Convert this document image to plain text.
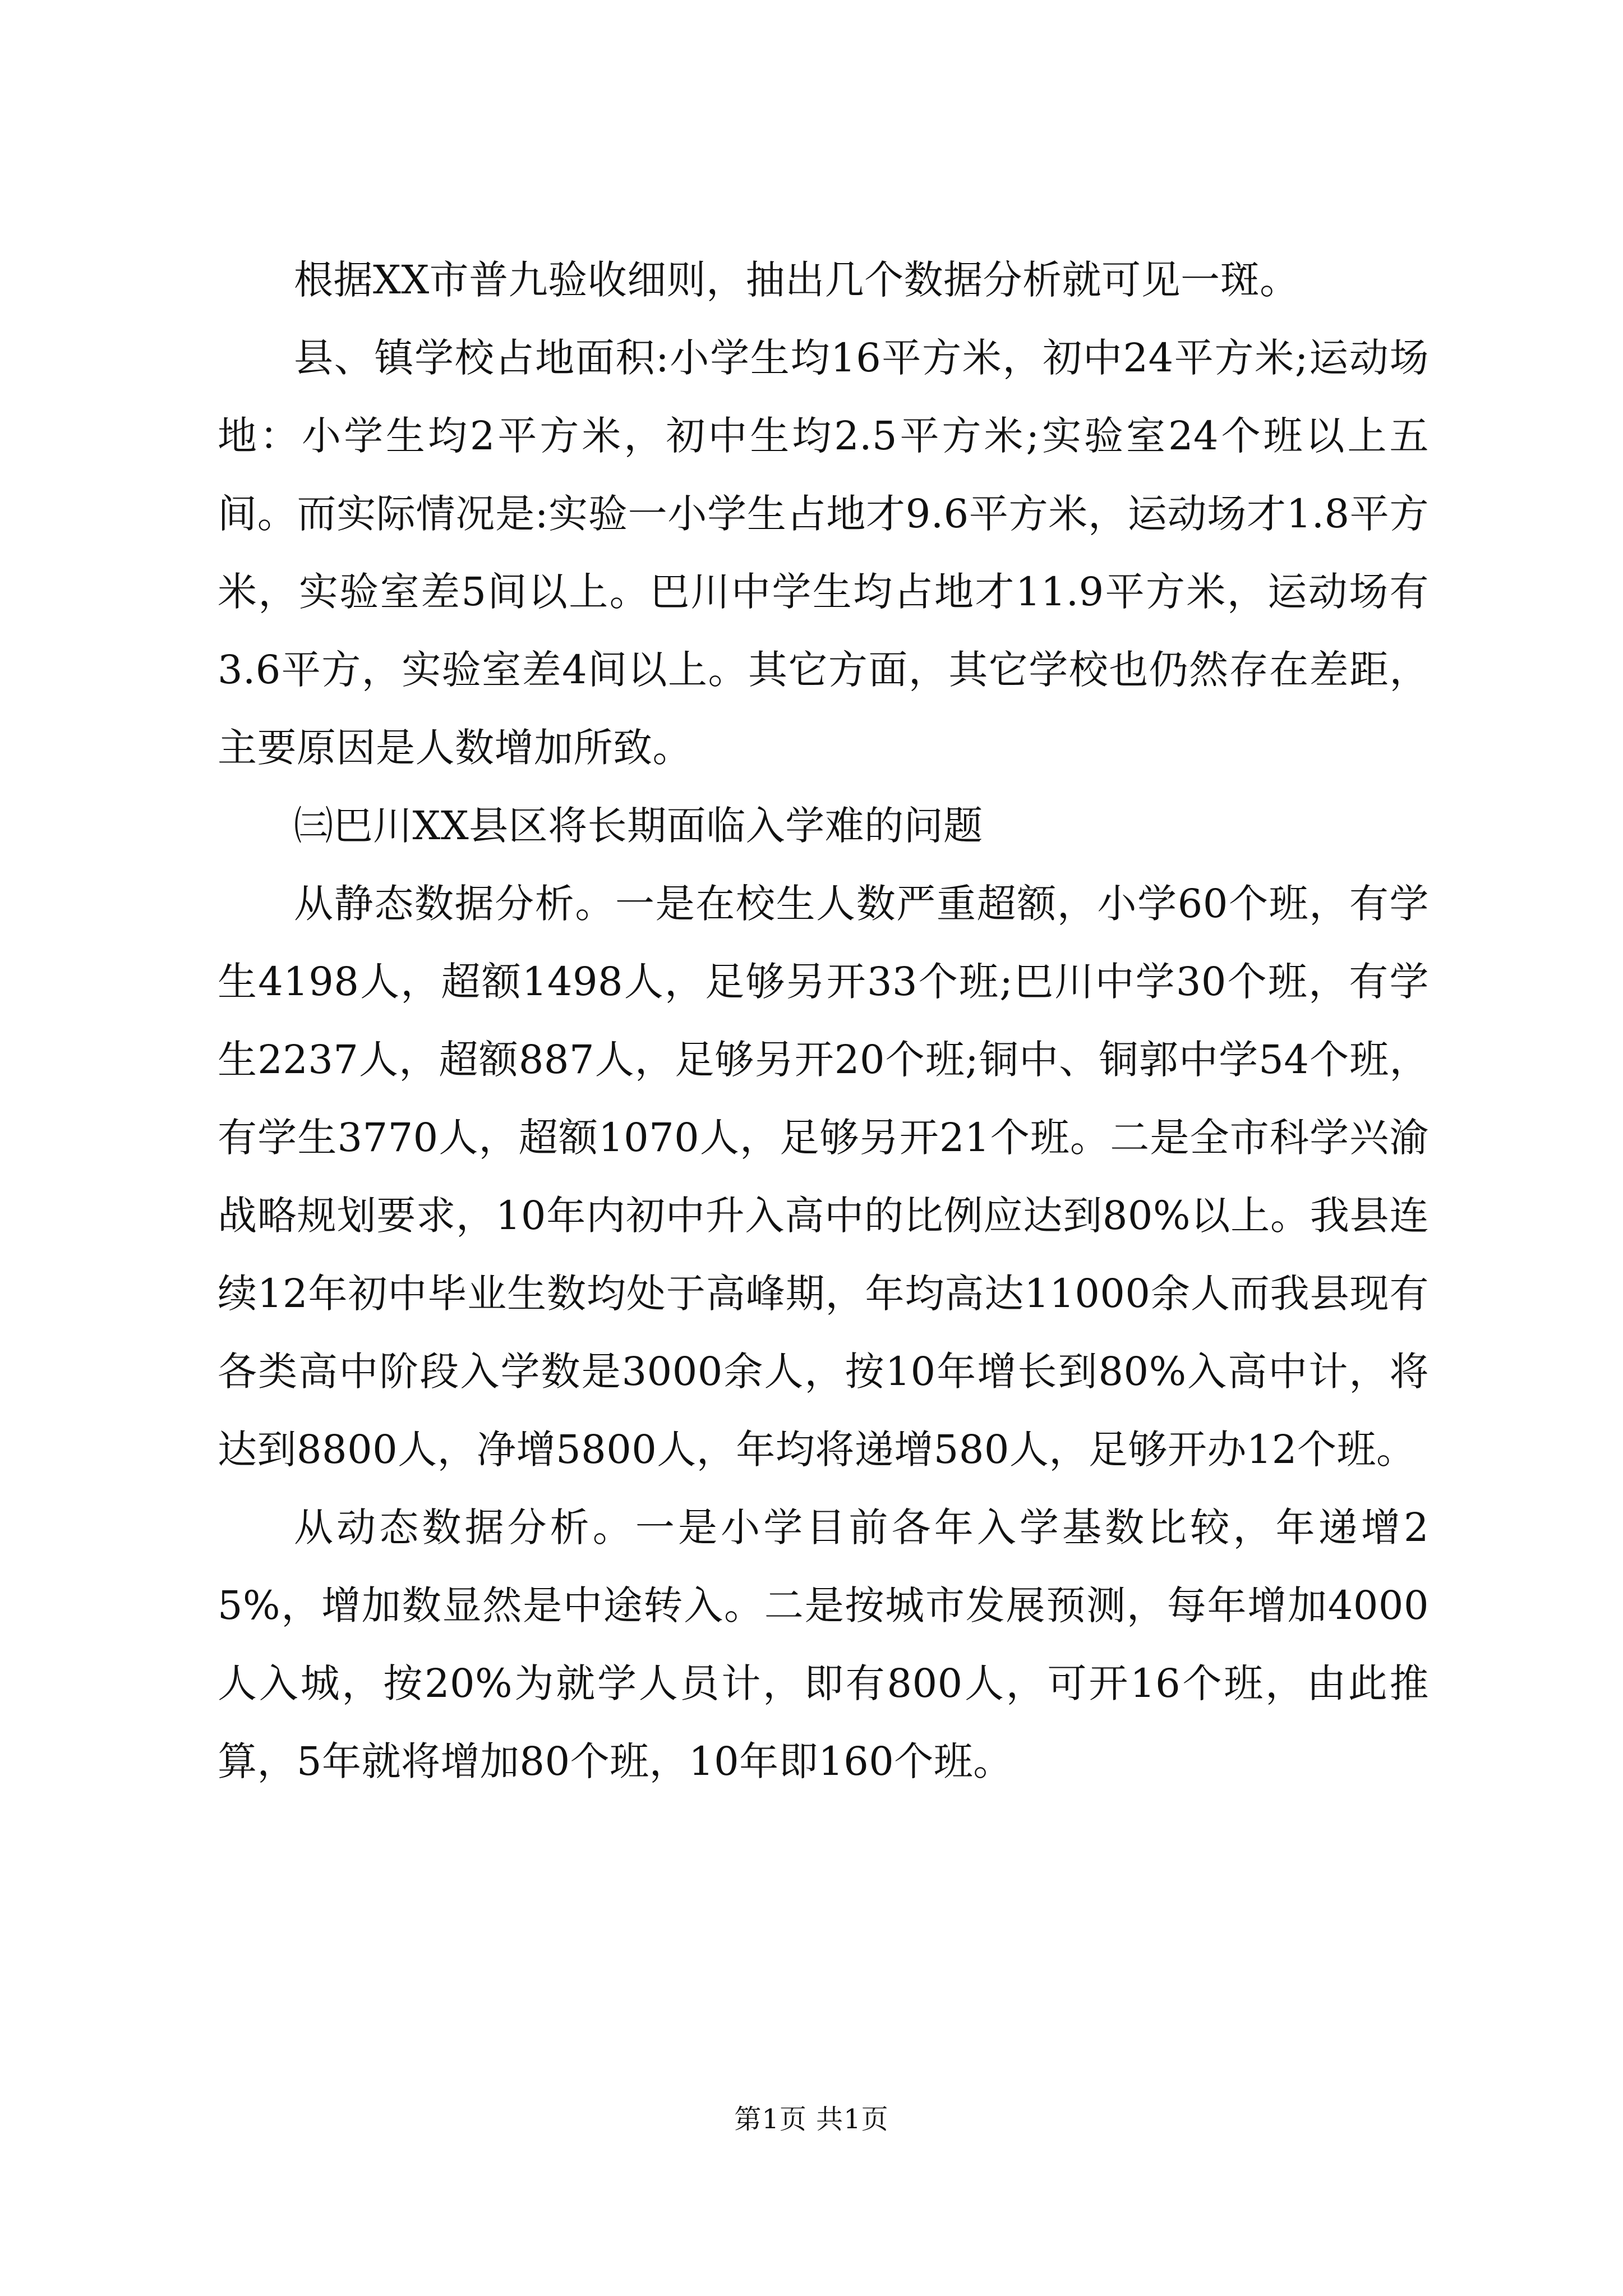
根据XX市普九验收细则，抽出几个数据分析就可见一斑。

县、镇学校占地面积:小学生均16平方米，初中24平方米;运动场地：小学生均2平方米，初中生均2.5平方米;实验室24个班以上五间。而实际情况是:实验一小学生占地才9.6平方米，运动场才1.8平方米，实验室差5间以上。巴川中学生均占地才11.9平方米，运动场有3.6平方，实验室差4间以上。其它方面，其它学校也仍然存在差距，主要原因是人数增加所致。

㈢巴川XX县区将长期面临入学难的问题

从静态数据分析。一是在校生人数严重超额，小学60个班，有学生4198人，超额1498人，足够另开33个班;巴川中学30个班，有学生2237人，超额887人，足够另开20个班;铜中、铜郭中学54个班，有学生3770人，超额1070人，足够另开21个班。二是全市科学兴渝战略规划要求，10年内初中升入高中的比例应达到80%以上。我县连续12年初中毕业生数均处于高峰期，年均高达11000余人而我县现有各类高中阶段入学数是3000余人，按10年增长到80%入高中计，将达到8800人，净增5800人，年均将递增580人，足够开办12个班。

从动态数据分析。一是小学目前各年入学基数比较，年递增25%，增加数显然是中途转入。二是按城市发展预测，每年增加4000人入城，按20%为就学人员计，即有800人，可开16个班，由此推算，5年就将增加80个班，10年即160个班。

第1页 共1页
